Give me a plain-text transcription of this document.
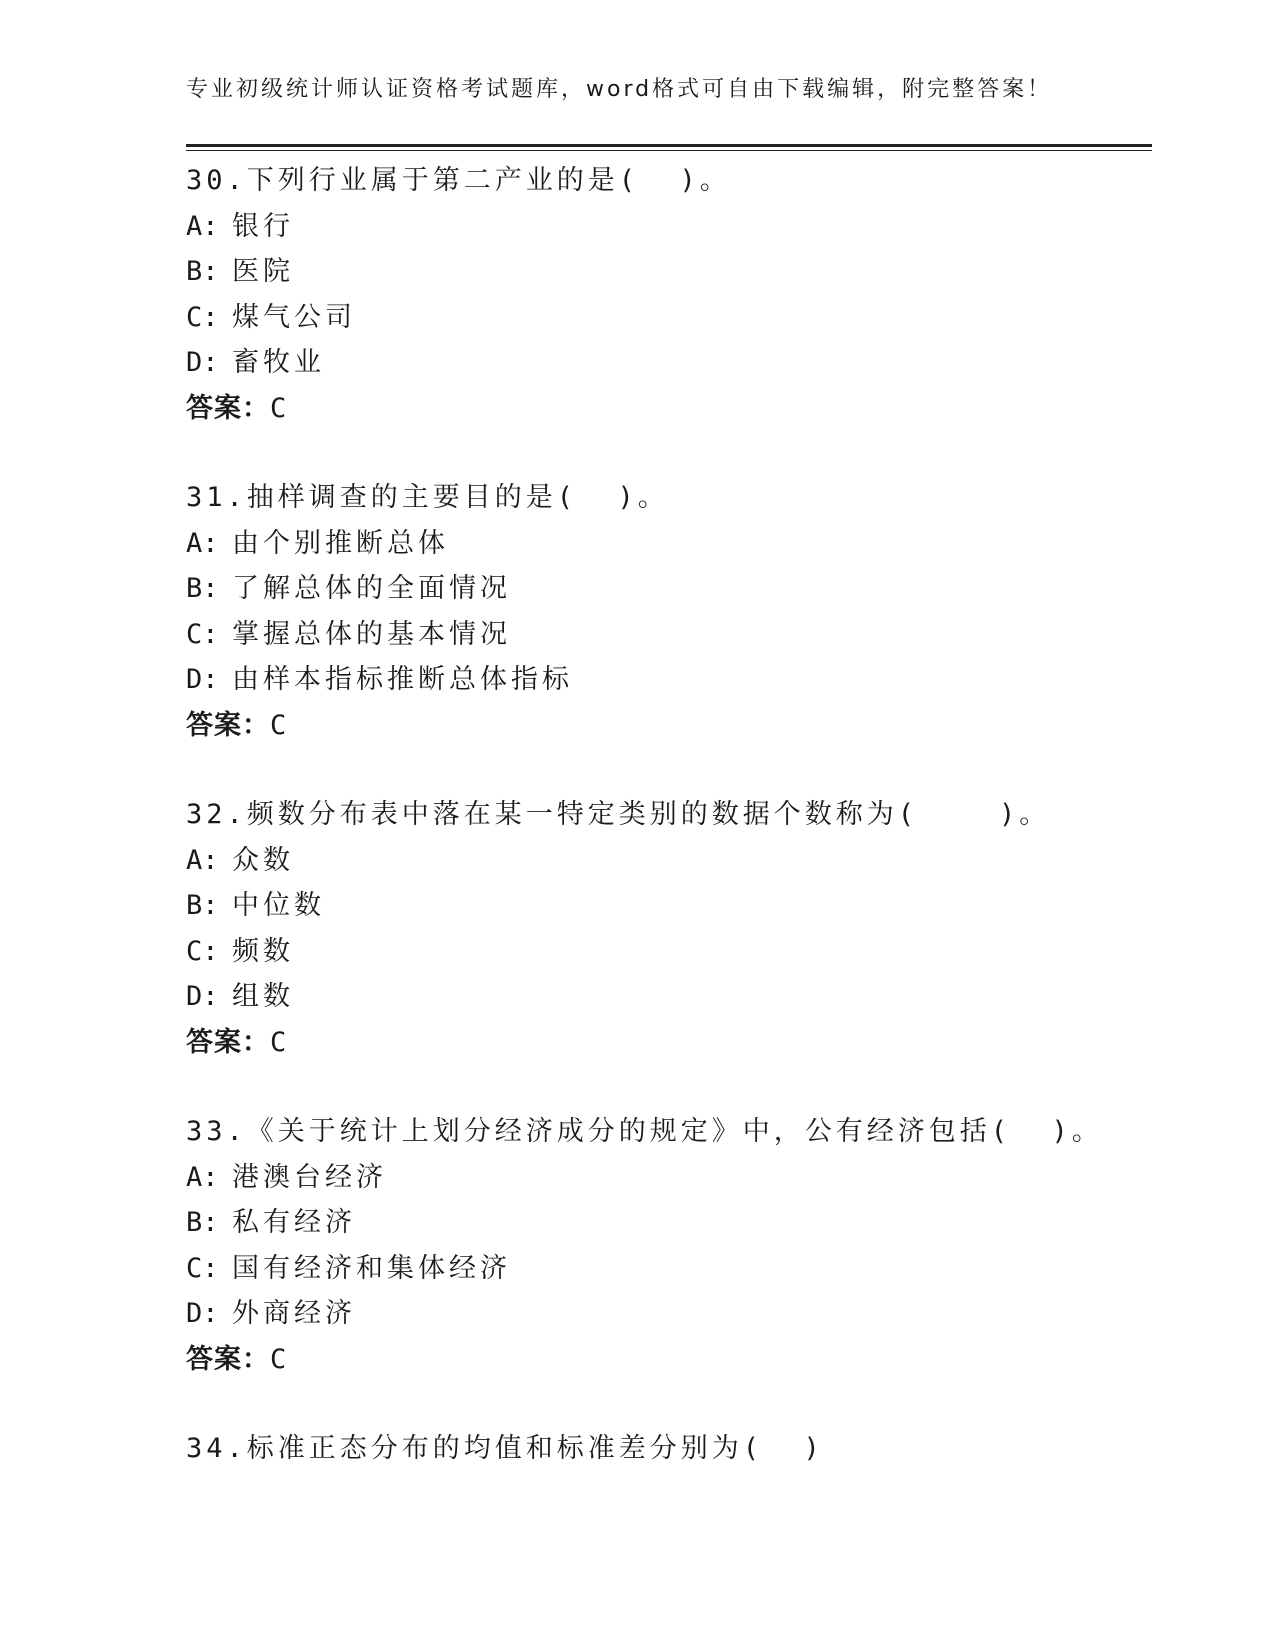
专业初级统计师认证资格考试题库，word格式可自由下载编辑，附完整答案！
30.下列行业属于第二产业的是(  )。
A: 银行
B: 医院
C: 煤气公司
D: 畜牧业
答案：C
31.抽样调查的主要目的是(  )。
A: 由个别推断总体
B: 了解总体的全面情况
C: 掌握总体的基本情况
D: 由样本指标推断总体指标
答案：C
32.频数分布表中落在某一特定类别的数据个数称为(    )。
A: 众数
B: 中位数
C: 频数
D: 组数
答案：C
33.《关于统计上划分经济成分的规定》中，公有经济包括(  )。
A: 港澳台经济
B: 私有经济
C: 国有经济和集体经济
D: 外商经济
答案：C
34.标准正态分布的均值和标准差分别为(  )
